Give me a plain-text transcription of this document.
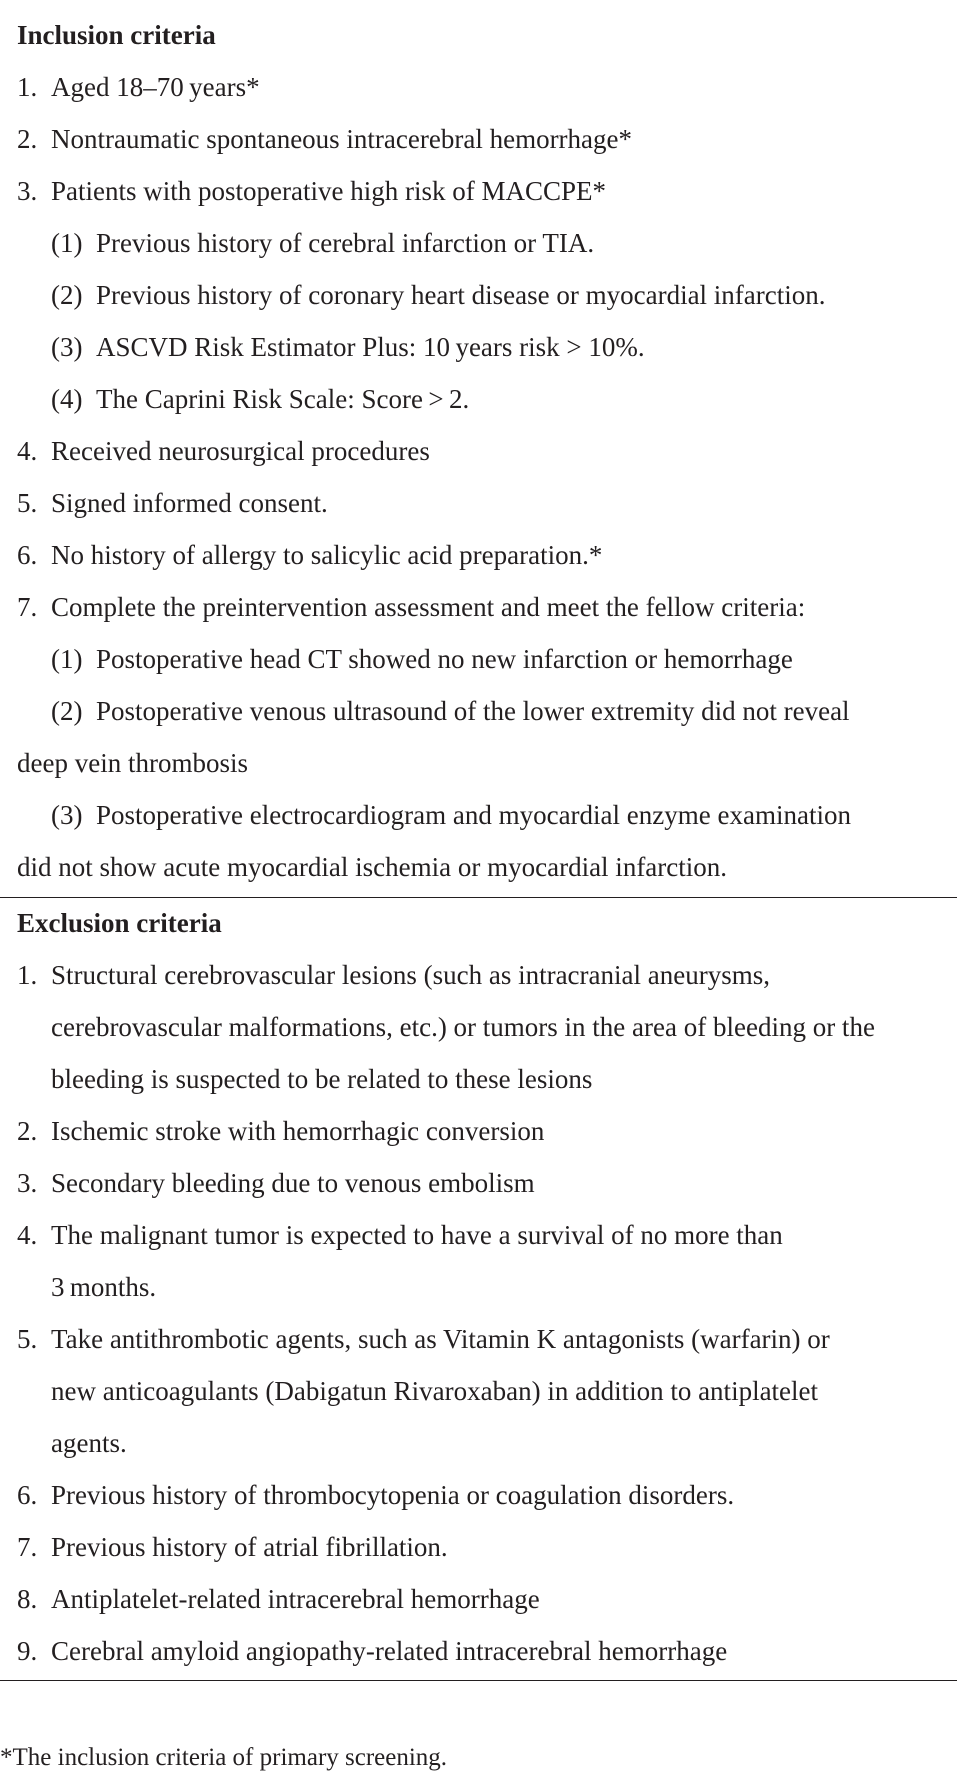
Inclusion criteria
1. Aged 18–70 years*
2. Nontraumatic spontaneous intracerebral hemorrhage*
3. Patients with postoperative high risk of MACCPE*
(1) Previous history of cerebral infarction or TIA.
(2) Previous history of coronary heart disease or myocardial infarction.
(3) ASCVD Risk Estimator Plus: 10 years risk > 10%.
(4) The Caprini Risk Scale: Score > 2.
4. Received neurosurgical procedures
5. Signed informed consent.
6. No history of allergy to salicylic acid preparation.*
7. Complete the preintervention assessment and meet the fellow criteria:
(1) Postoperative head CT showed no new infarction or hemorrhage
(2) Postoperative venous ultrasound of the lower extremity did not reveal
deep vein thrombosis
(3) Postoperative electrocardiogram and myocardial enzyme examination
did not show acute myocardial ischemia or myocardial infarction.
Exclusion criteria
1. Structural cerebrovascular lesions (such as intracranial aneurysms,
cerebrovascular malformations, etc.) or tumors in the area of bleeding or the
bleeding is suspected to be related to these lesions
2. Ischemic stroke with hemorrhagic conversion
3. Secondary bleeding due to venous embolism
4. The malignant tumor is expected to have a survival of no more than
3 months.
5. Take antithrombotic agents, such as Vitamin K antagonists (warfarin) or
new anticoagulants (Dabigatun Rivaroxaban) in addition to antiplatelet
agents.
6. Previous history of thrombocytopenia or coagulation disorders.
7. Previous history of atrial fibrillation.
8. Antiplatelet-related intracerebral hemorrhage
9. Cerebral amyloid angiopathy-related intracerebral hemorrhage
*The inclusion criteria of primary screening.
